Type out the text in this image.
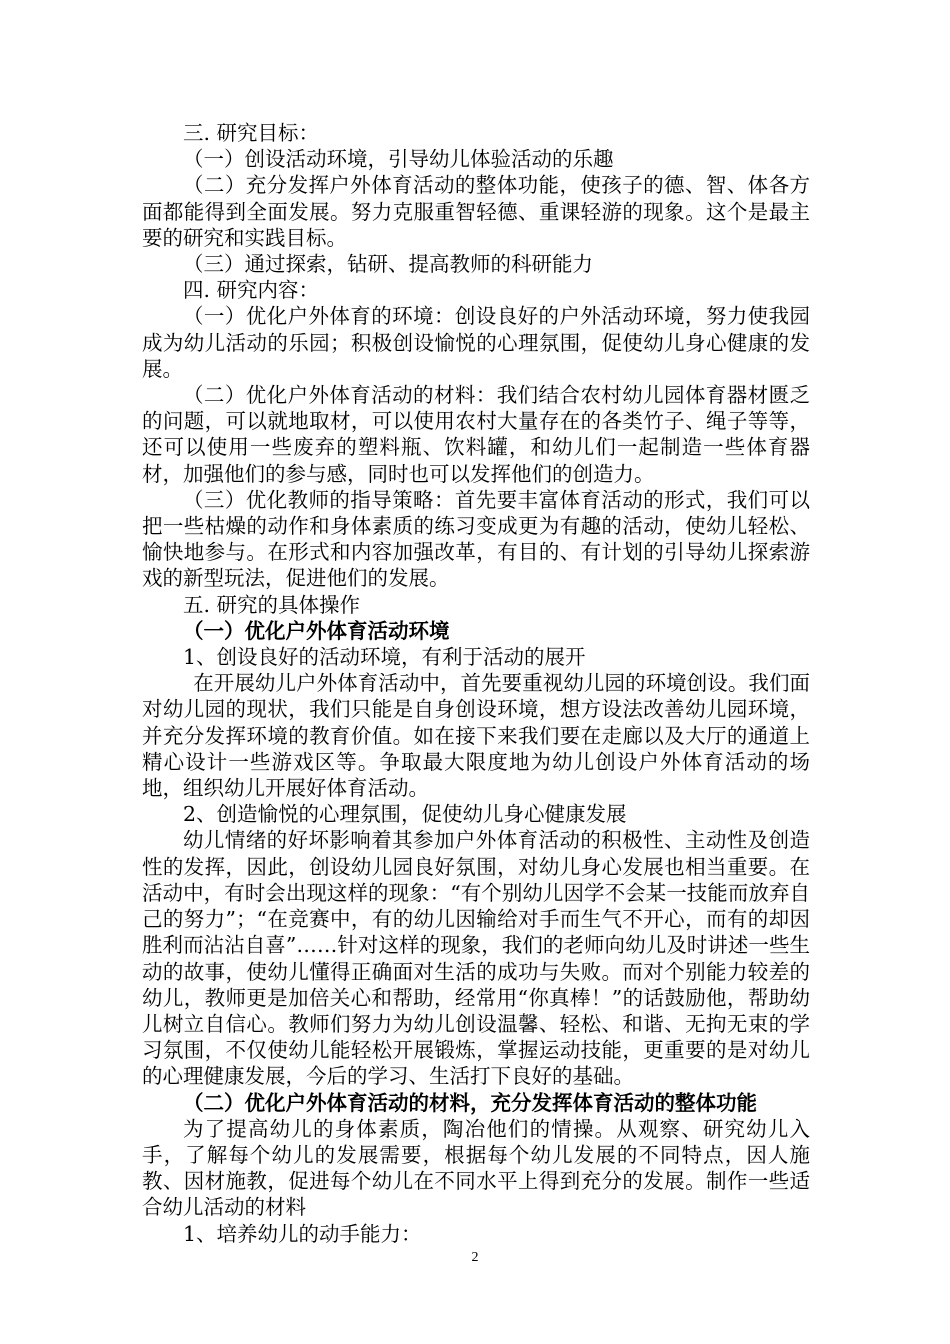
三. 研究目标：

（一）创设活动环境，引导幼儿体验活动的乐趣

（二）充分发挥户外体育活动的整体功能，使孩子的德、智、体各方面都能得到全面发展。努力克服重智轻德、重课轻游的现象。这个是最主要的研究和实践目标。

（三）通过探索，钻研、提高教师的科研能力

四. 研究内容：

（一）优化户外体育的环境：创设良好的户外活动环境，努力使我园成为幼儿活动的乐园；积极创设愉悦的心理氛围，促使幼儿身心健康的发展。

（二）优化户外体育活动的材料：我们结合农村幼儿园体育器材匮乏的问题，可以就地取材，可以使用农村大量存在的各类竹子、绳子等等，还可以使用一些废弃的塑料瓶、饮料罐，和幼儿们一起制造一些体育器材，加强他们的参与感，同时也可以发挥他们的创造力。

（三）优化教师的指导策略：首先要丰富体育活动的形式，我们可以把一些枯燥的动作和身体素质的练习变成更为有趣的活动，使幼儿轻松、愉快地参与。在形式和内容加强改革，有目的、有计划的引导幼儿探索游戏的新型玩法，促进他们的发展。

五. 研究的具体操作

（一）优化户外体育活动环境

1、创设良好的活动环境，有利于活动的展开

在开展幼儿户外体育活动中，首先要重视幼儿园的环境创设。我们面对幼儿园的现状，我们只能是自身创设环境，想方设法改善幼儿园环境，并充分发挥环境的教育价值。如在接下来我们要在走廊以及大厅的通道上精心设计一些游戏区等。争取最大限度地为幼儿创设户外体育活动的场地，组织幼儿开展好体育活动。

2、创造愉悦的心理氛围，促使幼儿身心健康发展

幼儿情绪的好坏影响着其参加户外体育活动的积极性、主动性及创造性的发挥，因此，创设幼儿园良好氛围，对幼儿身心发展也相当重要。在活动中，有时会出现这样的现象：“有个别幼儿因学不会某一技能而放弃自己的努力”；“在竞赛中，有的幼儿因输给对手而生气不开心，而有的却因胜利而沾沾自喜”……针对这样的现象，我们的老师向幼儿及时讲述一些生动的故事，使幼儿懂得正确面对生活的成功与失败。而对个别能力较差的幼儿，教师更是加倍关心和帮助，经常用“你真棒！”的话鼓励他，帮助幼儿树立自信心。教师们努力为幼儿创设温馨、轻松、和谐、无拘无束的学习氛围，不仅使幼儿能轻松开展锻炼，掌握运动技能，更重要的是对幼儿的心理健康发展，今后的学习、生活打下良好的基础。

（二）优化户外体育活动的材料，充分发挥体育活动的整体功能

为了提高幼儿的身体素质，陶冶他们的情操。从观察、研究幼儿入手，了解每个幼儿的发展需要，根据每个幼儿发展的不同特点，因人施教、因材施教，促进每个幼儿在不同水平上得到充分的发展。制作一些适合幼儿活动的材料

1、培养幼儿的动手能力：

2
